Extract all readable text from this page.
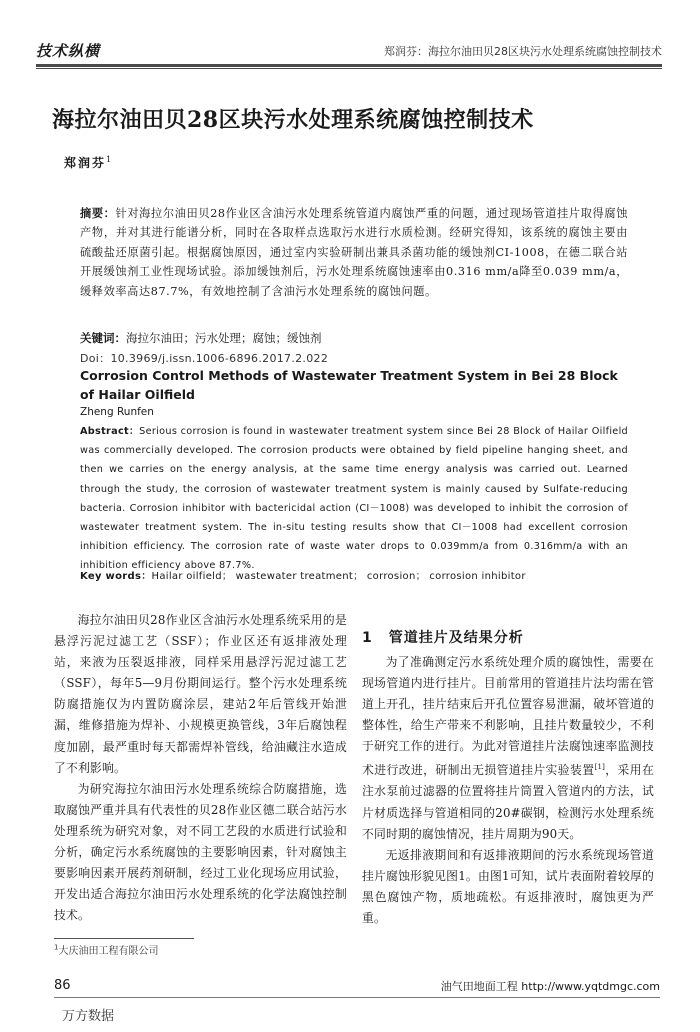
技术纵横	郑润芬：海拉尔油田贝28区块污水处理系统腐蚀控制技术
海拉尔油田贝28区块污水处理系统腐蚀控制技术
郑润芬$^1$
摘要：针对海拉尔油田贝28作业区含油污水处理系统管道内腐蚀严重的问题，通过现场管道挂片取得腐蚀产物，并对其进行能谱分析，同时在各取样点选取污水进行水质检测。经研究得知，该系统的腐蚀主要由硫酸盐还原菌引起。根据腐蚀原因，通过室内实验研制出兼具杀菌功能的缓蚀剂CI-1008，在德二联合站开展缓蚀剂工业性现场试验。添加缓蚀剂后，污水处理系统腐蚀速率由0.316 mm/a降至0.039 mm/a，缓释效率高达87.7%，有效地控制了含油污水处理系统的腐蚀问题。
关键词：海拉尔油田；污水处理；腐蚀；缓蚀剂
Doi：10.3969/j.issn.1006-6896.2017.2.022
Corrosion Control Methods of Wastewater Treatment System in Bei 28 Block of Hailar Oilfield
Zheng Runfen
Abstract：Serious corrosion is found in wastewater treatment system since Bei 28 Block of Hailar Oilfield was commercially developed. The corrosion products were obtained by field pipeline hanging sheet, and then we carries on the energy analysis, at the same time energy analysis was carried out. Learned through the study, the corrosion of wastewater treatment system is mainly caused by Sulfate-reducing bacteria. Corrosion inhibitor with bactericidal action (CI－1008) was developed to inhibit the corrosion of wastewater treatment system. The in-situ testing results show that CI－1008 had excellent corrosion inhibition efficiency. The corrosion rate of waste water drops to 0.039mm/a from 0.316mm/a with an inhibition efficiency above 87.7%.
Key words：Hailar oilfield； wastewater treatment； corrosion； corrosion inhibitor

海拉尔油田贝28作业区含油污水处理系统采用的是悬浮污泥过滤工艺（SSF）；作业区还有返排液处理站，来液为压裂返排液，同样采用悬浮污泥过滤工艺（SSF），每年5—9月份期间运行。整个污水处理系统防腐措施仅为内置防腐涂层，建站2年后管线开始泄漏，维修措施为焊补、小规模更换管线，3年后腐蚀程度加剧，最严重时每天都需焊补管线，给油藏注水造成了不利影响。

为研究海拉尔油田污水处理系统综合防腐措施，选取腐蚀严重并具有代表性的贝28作业区德二联合站污水处理系统为研究对象，对不同工艺段的水质进行试验和分析，确定污水系统腐蚀的主要影响因素，针对腐蚀主要影响因素开展药剂研制，经过工业化现场应用试验，开发出适合海拉尔油田污水处理系统的化学法腐蚀控制技术。

1 管道挂片及结果分析

为了准确测定污水系统处理介质的腐蚀性，需要在现场管道内进行挂片。目前常用的管道挂片法均需在管道上开孔，挂片结束后开孔位置容易泄漏，破坏管道的整体性，给生产带来不利影响，且挂片数量较少，不利于研究工作的进行。为此对管道挂片法腐蚀速率监测技术进行改进，研制出无损管道挂片实验装置[1]，采用在注水泵前过滤器的位置将挂片筒置入管道内的方法，试片材质选择与管道相同的20#碳钢，检测污水处理系统不同时期的腐蚀情况，挂片周期为90天。

无返排液期间和有返排液期间的污水系统现场管道挂片腐蚀形貌见图1。由图1可知，试片表面附着较厚的黑色腐蚀产物，质地疏松。有返排液时，腐蚀更为严重。

$^1$大庆油田工程有限公司
86	油气田地面工程 http://www.yqtdmgc.com
万方数据
